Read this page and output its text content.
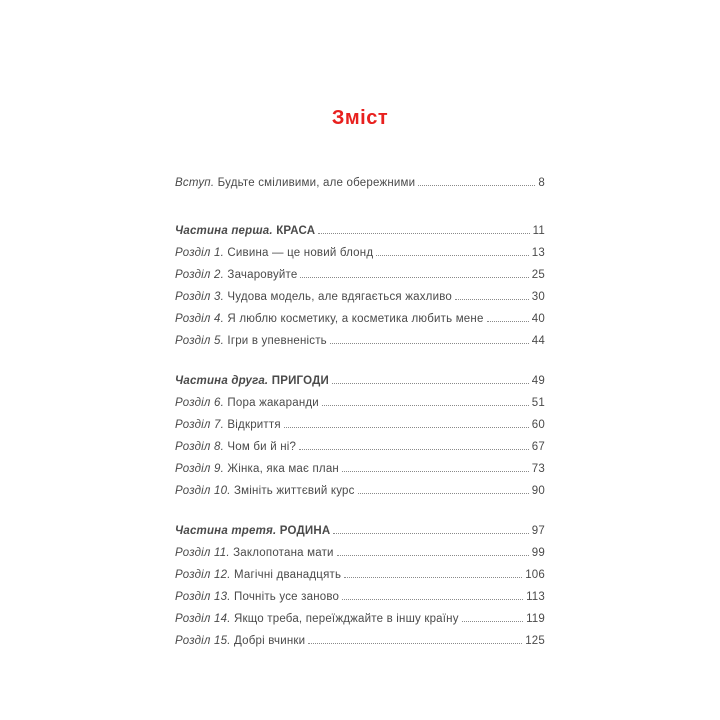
Зміст
Вступ. Будьте сміливими, але обережними	8
Частина перша. КРАСА	11
Розділ 1. Сивина — це новий блонд	13
Розділ 2. Зачаровуйте	25
Розділ 3. Чудова модель, але вдягається жахливо	30
Розділ 4. Я люблю косметику, а косметика любить мене	40
Розділ 5. Ігри в упевненість	44
Частина друга. ПРИГОДИ	49
Розділ 6. Пора жакаранди	51
Розділ 7. Відкриття	60
Розділ 8. Чом би й ні?	67
Розділ 9. Жінка, яка має план	73
Розділ 10. Змініть життєвий курс	90
Частина третя. РОДИНА	97
Розділ 11. Заклопотана мати	99
Розділ 12. Магічні дванадцять	106
Розділ 13. Почніть усе заново	113
Розділ 14. Якщо треба, переїжджайте в іншу країну	119
Розділ 15. Добрі вчинки	125
